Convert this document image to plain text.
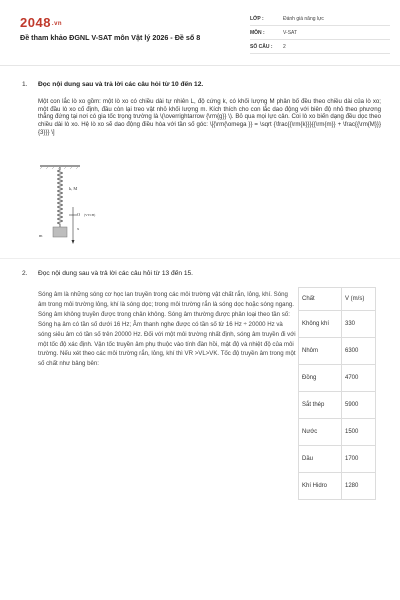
2048.vn
Đề tham khảo ĐGNL V-SAT môn Vật lý 2026 - Đề số 8
LỚP :	Đánh giá năng lực
MÔN :	V-SAT
SỐ CÂU :	2
1. Đọc nội dung sau và trả lời các câu hỏi từ 10 đến 12.
Một con lắc lò xo gồm: một lò xo có chiều dài tự nhiên L, độ cứng k, có khối lượng M phân bố đều theo chiều dài của lò xo; một đầu lò xo cố định, đầu còn lại treo vật nhỏ khối lượng m. Kích thích cho con lắc dao động với biên độ nhỏ theo phương thẳng đứng tại nơi có gia tốc trọng trường là \(\overrightarrow {\rm{g}} \). Bỏ qua mọi lực cản. Coi lò xo biến dạng đều dọc theo chiều dài lò xo. Hệ lò xo sẽ dao động điều hòa với tần số góc: \[{\rm{\omega }} = \sqrt {\frac{{\rm{k}}}{{\rm{m}} + \frac{{\rm{M}}}{3}}} \]
k, M
O (VTCB)
x
m
2. Đọc nội dung sau và trả lời các câu hỏi từ 13 đến 15.
Sóng âm là những sóng cơ học lan truyền trong các môi trường vật chất rắn, lỏng, khí. Sóng âm trong môi trường lỏng, khí là sóng dọc; trong môi trường rắn là sóng dọc hoặc sóng ngang. Sóng âm không truyền được trong chân không. Sóng âm thường được phân loại theo tần số: Sóng hạ âm có tần số dưới 16 Hz; Âm thanh nghe được có tần số từ 16 Hz ÷ 20000 Hz và sóng siêu âm có tần số trên 20000 Hz. Đối với một môi trường nhất định, sóng âm truyền đi với một tốc độ xác định. Vận tốc truyền âm phụ thuộc vào tính đàn hồi, mật độ và nhiệt độ của môi trường. Nếu xét theo các môi trường rắn, lỏng, khí thì VR >VL>VK. Tốc độ truyền âm trong một số chất như bảng bên:
Chất	V (m/s)
Không khí	330
Nhôm	6300
Đồng	4700
Sắt thép	5900
Nước	1500
Dầu	1700
Khí Hidro	1280
